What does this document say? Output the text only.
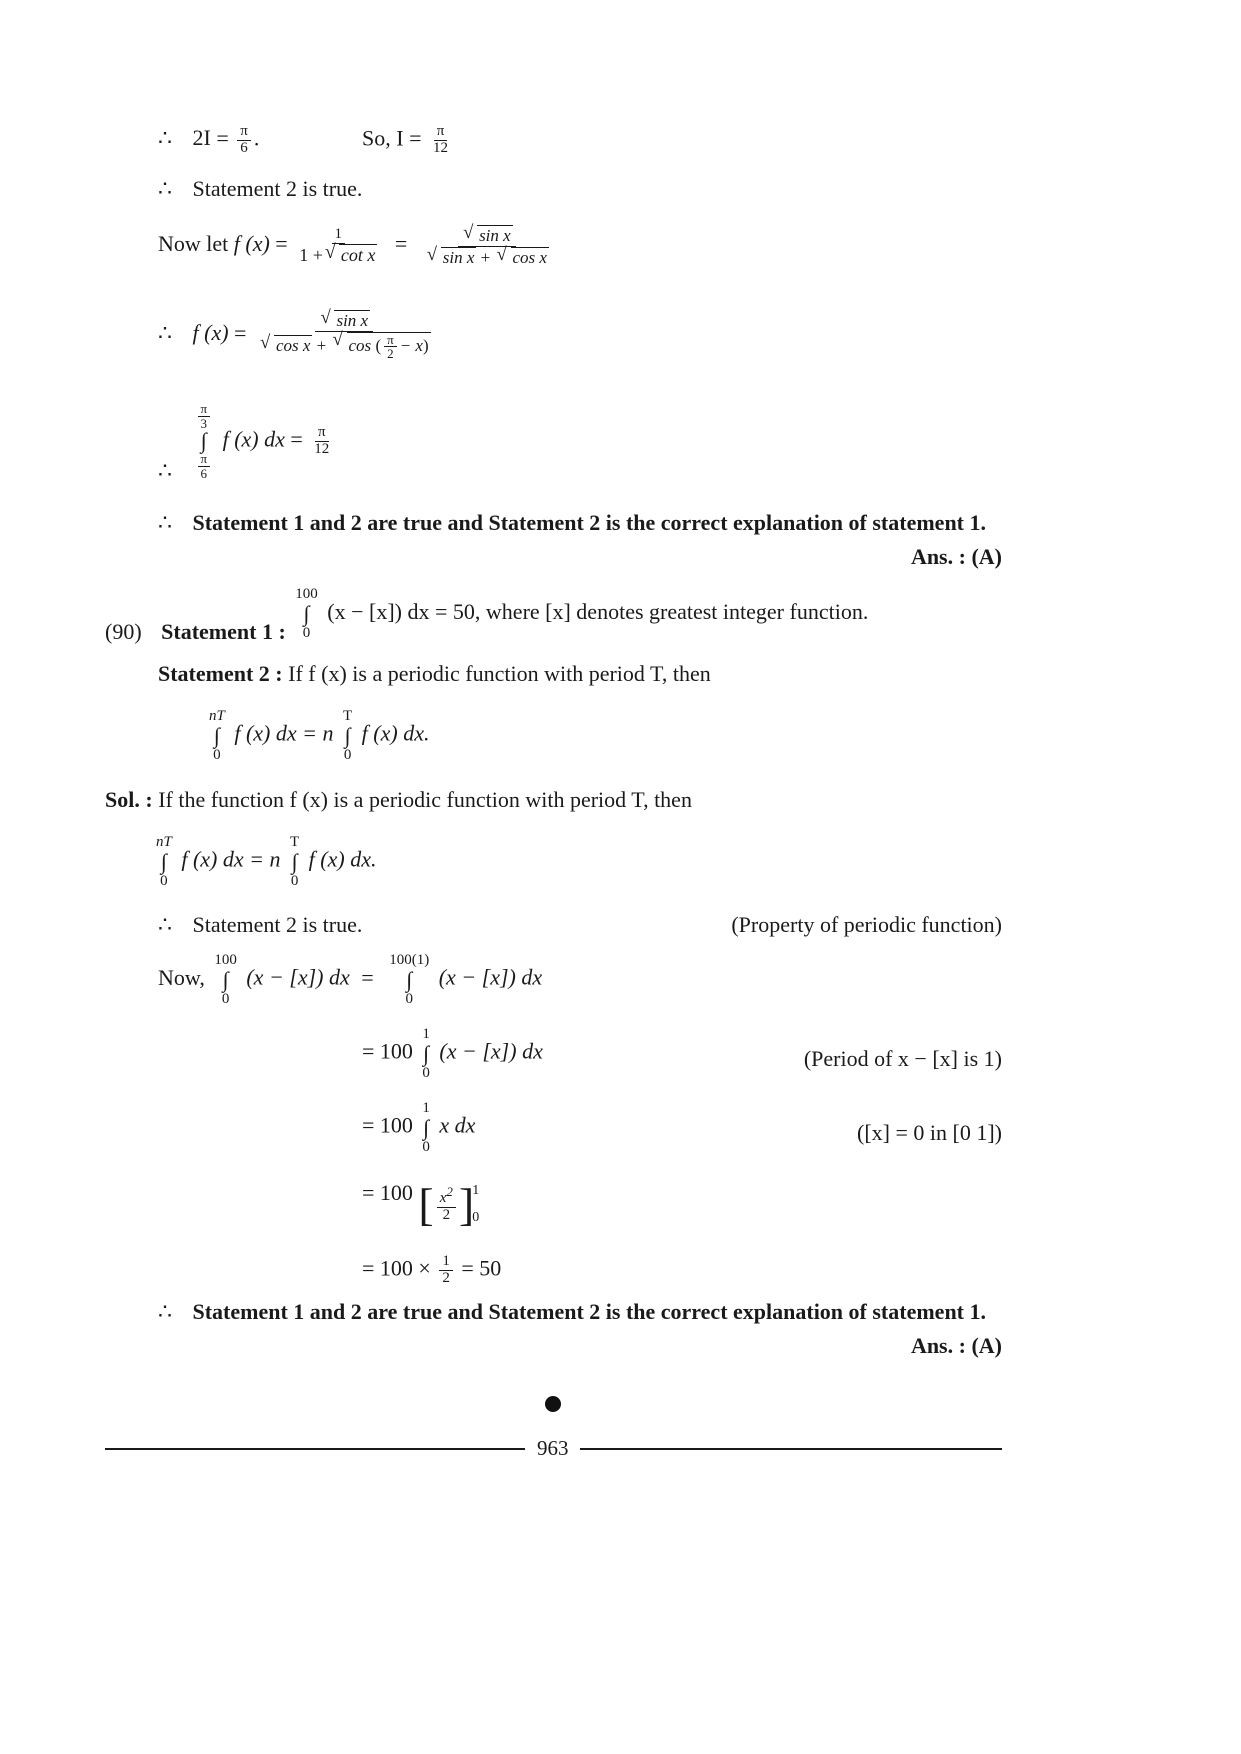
∴ $2I = \frac{\pi}{6}$ .	So, $I = \frac{\pi}{12}$
∴ Statement 2 is true.
Now let f $(x) = \frac{1}{\text{1 + √ cot x}}$ = √ sin x
√ sin x + √ cos x
∴ f (x) = √ sin x
√ cos x + √ cos ( $\frac{\pi}{2} - x$)
∴
$\frac{\pi}{3}$
∫
$\frac{\pi}{6}$
f (x) dx = $\frac{\pi}{12}$
∴ Statement 1 and 2 are true and Statement 2 is the correct explanation of statement 1.
Ans. : (A)
(90) Statement 1 :
100
∫
0
(x − [x]) dx = 50, where [x] denotes greatest integer function.
Statement 2 : If f (x) is a periodic function with period T, then
nT
∫
0
f (x) dx = n
T
∫
0
f (x) dx.
Sol. : If the function f (x) is a periodic function with period T, then
nT
∫
0
f (x) dx = n
T
∫
0
f (x) dx.
∴ Statement 2 is true.	(Property of periodic function)
Now,
100
∫
0
(x − [x]) dx =
100(1)
∫
0
(x − [x]) dx
= 100
1
∫
0
(x − [x]) dx	(Period of x − [x] is 1)
= 100
1
∫
0
x dx	([x] = 0 in [0 1])
= 100 [ $\frac{x2}{2}$ ]
1
0
= $100 \times \frac{1}{2} = 50$
∴ Statement 1 and 2 are true and Statement 2 is the correct explanation of statement 1.
Ans. : (A)
963
